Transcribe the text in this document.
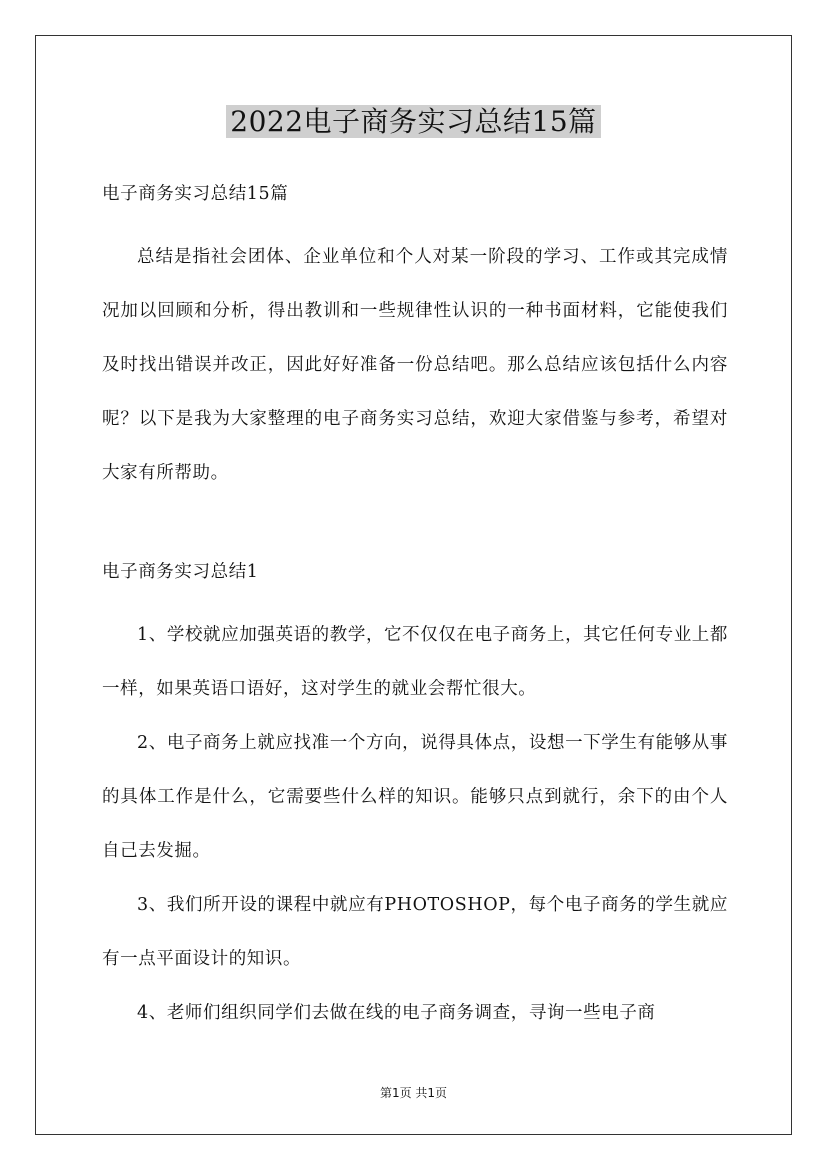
2022电子商务实习总结15篇

电子商务实习总结15篇

总结是指社会团体、企业单位和个人对某一阶段的学习、工作或其完成情况加以回顾和分析，得出教训和一些规律性认识的一种书面材料，它能使我们及时找出错误并改正，因此好好准备一份总结吧。那么总结应该包括什么内容呢？以下是我为大家整理的电子商务实习总结，欢迎大家借鉴与参考，希望对大家有所帮助。

电子商务实习总结1

1、学校就应加强英语的教学，它不仅仅在电子商务上，其它任何专业上都一样，如果英语口语好，这对学生的就业会帮忙很大。

2、电子商务上就应找准一个方向，说得具体点，设想一下学生有能够从事的具体工作是什么，它需要些什么样的知识。能够只点到就行，余下的由个人自己去发掘。

3、我们所开设的课程中就应有PHOTOSHOP，每个电子商务的学生就应有一点平面设计的知识。

4、老师们组织同学们去做在线的电子商务调查，寻询一些电子商

第1页 共1页
